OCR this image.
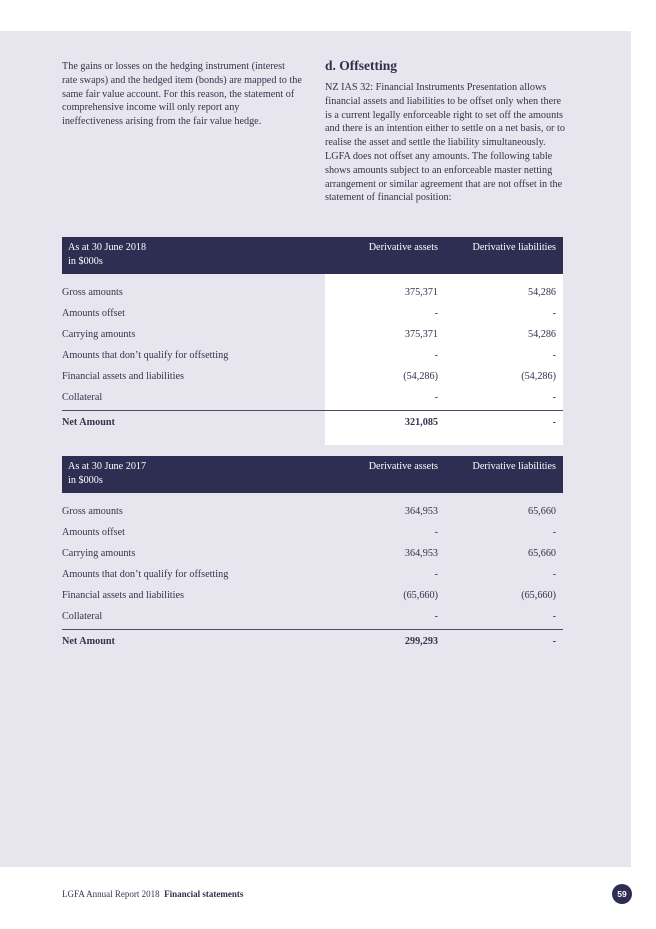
The gains or losses on the hedging instrument (interest rate swaps) and the hedged item (bonds) are mapped to the same fair value account. For this reason, the statement of comprehensive income will only report any ineffectiveness arising from the fair value hedge.

d. Offsetting

NZ IAS 32: Financial Instruments Presentation allows financial assets and liabilities to be offset only when there is a current legally enforceable right to set off the amounts and there is an intention either to settle on a net basis, or to realise the asset and settle the liability simultaneously. LGFA does not offset any amounts. The following table shows amounts subject to an enforceable master netting arrangement or similar agreement that are not offset in the statement of financial position:

As at 30 June 2018
in $000s
Derivative assets	Derivative liabilities
Gross amounts	375,371	54,286
Amounts offset	-	-
Carrying amounts	375,371	54,286
Amounts that don’t qualify for offsetting	-	-
Financial assets and liabilities	(54,286)	(54,286)
Collateral	-	-
Net Amount	321,085	-
As at 30 June 2017
in $000s
Derivative assets	Derivative liabilities
Gross amounts	364,953	65,660
Amounts offset	-	-
Carrying amounts	364,953	65,660
Amounts that don’t qualify for offsetting	-	-
Financial assets and liabilities	(65,660)	(65,660)
Collateral	-	-
Net Amount	299,293	-
LGFA Annual Report 2018 Financial statements	59
